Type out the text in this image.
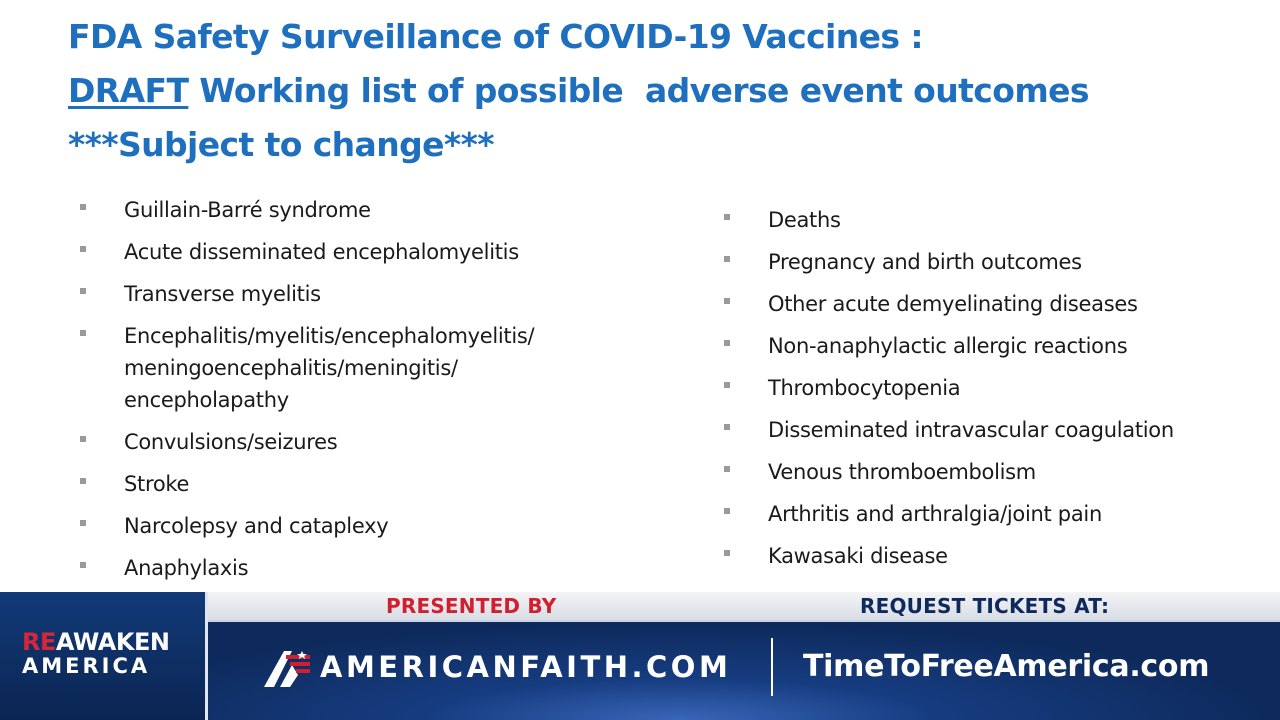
FDA Safety Surveillance of COVID-19 Vaccines :
DRAFT Working list of possible  adverse event outcomes
***Subject to change***
Guillain-Barré syndrome
Acute disseminated encephalomyelitis
Transverse myelitis
Encephalitis/myelitis/encephalomyelitis/ meningoencephalitis/meningitis/ encepholapathy
Convulsions/seizures
Stroke
Narcolepsy and cataplexy
Anaphylaxis
Deaths
Pregnancy and birth outcomes
Other acute demyelinating diseases
Non-anaphylactic allergic reactions
Thrombocytopenia
Disseminated intravascular coagulation
Venous thromboembolism
Arthritis and arthralgia/joint pain
Kawasaki disease
REAWAKEN
AMERICA
PRESENTED BY	REQUEST TICKETS AT:
AMERICANFAITH.COM TimeToFreeAmerica.com
